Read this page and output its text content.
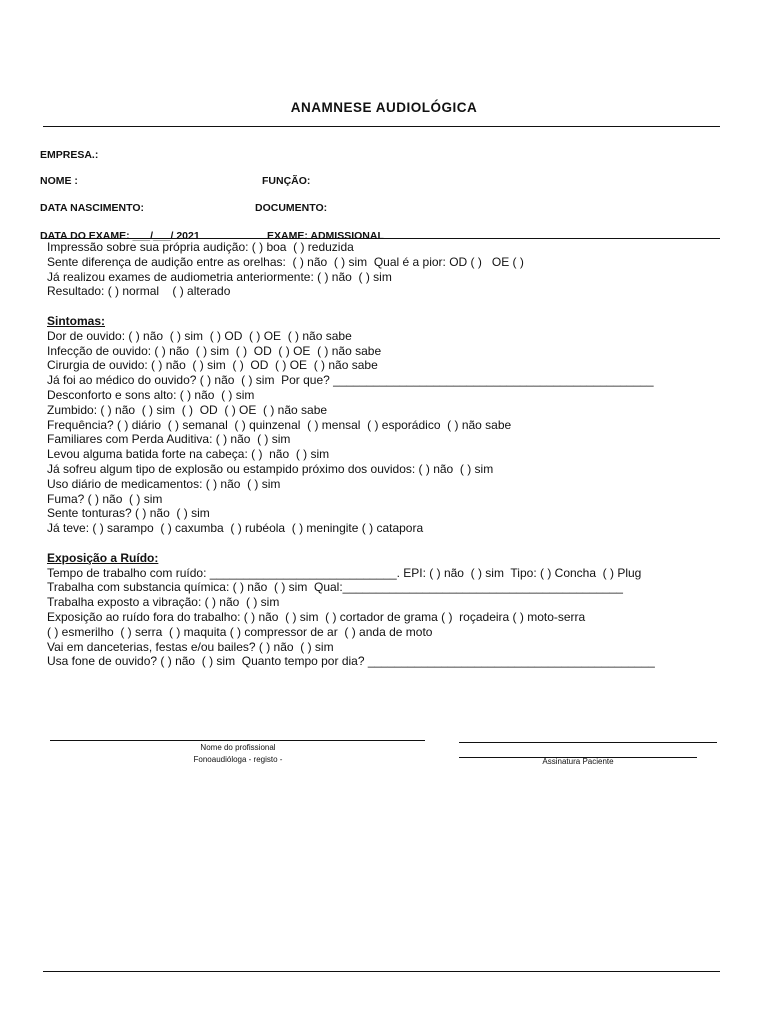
ANAMNESE AUDIOLÓGICA
EMPRESA.:
NOME :	FUNÇÃO:
DATA NASCIMENTO:	DOCUMENTO:
DATA DO EXAME: ___/___/ 2021	EXAME: ADMISSIONAL
Impressão sobre sua própria audição: ( ) boa  ( ) reduzida
Sente diferença de audição entre as orelhas:  ( ) não  ( ) sim  Qual é a pior: OD ( )   OE ( )
Já realizou exames de audiometria anteriormente: ( ) não  ( ) sim
Resultado: ( ) normal    ( ) alterado
Sintomas:
Dor de ouvido: ( ) não  ( ) sim  ( ) OD  ( ) OE  ( ) não sabe
Infecção de ouvido: ( ) não  ( ) sim  ( )  OD  ( ) OE  ( ) não sabe
Cirurgia de ouvido: ( ) não  ( ) sim  ( )  OD  ( ) OE  ( ) não sabe
Já foi ao médico do ouvido? ( ) não  ( ) sim  Por que? ________________________________________________
Desconforto e sons alto: ( ) não  ( ) sim
Zumbido: ( ) não  ( ) sim  ( )  OD  ( ) OE  ( ) não sabe
Frequência? ( ) diário  ( ) semanal  ( ) quinzenal  ( ) mensal  ( ) esporádico  ( ) não sabe
Familiares com Perda Auditiva: ( ) não  ( ) sim
Levou alguma batida forte na cabeça: ( )  não  ( ) sim
Já sofreu algum tipo de explosão ou estampido próximo dos ouvidos: ( ) não  ( ) sim
Uso diário de medicamentos: ( ) não  ( ) sim
Fuma? ( ) não  ( ) sim
Sente tonturas? ( ) não  ( ) sim
Já teve: ( ) sarampo  ( ) caxumba  ( ) rubéola  ( ) meningite ( ) catapora
Exposição a Ruído:
Tempo de trabalho com ruído: ____________________________. EPI: ( ) não  ( ) sim  Tipo: ( ) Concha  ( ) Plug
Trabalha com substancia química: ( ) não  ( ) sim  Qual:__________________________________________
Trabalha exposto a vibração: ( ) não  ( ) sim
Exposição ao ruído fora do trabalho: ( ) não  ( ) sim  ( ) cortador de grama ( )  roçadeira ( ) moto-serra
( ) esmerilho  ( ) serra  ( ) maquita ( ) compressor de ar  ( ) anda de moto
Vai em danceterias, festas e/ou bailes? ( ) não  ( ) sim
Usa fone de ouvido? ( ) não  ( ) sim  Quanto tempo por dia? ___________________________________________
Nome do profissional
Fonoaudióloga - registo -	Assinatura Paciente
